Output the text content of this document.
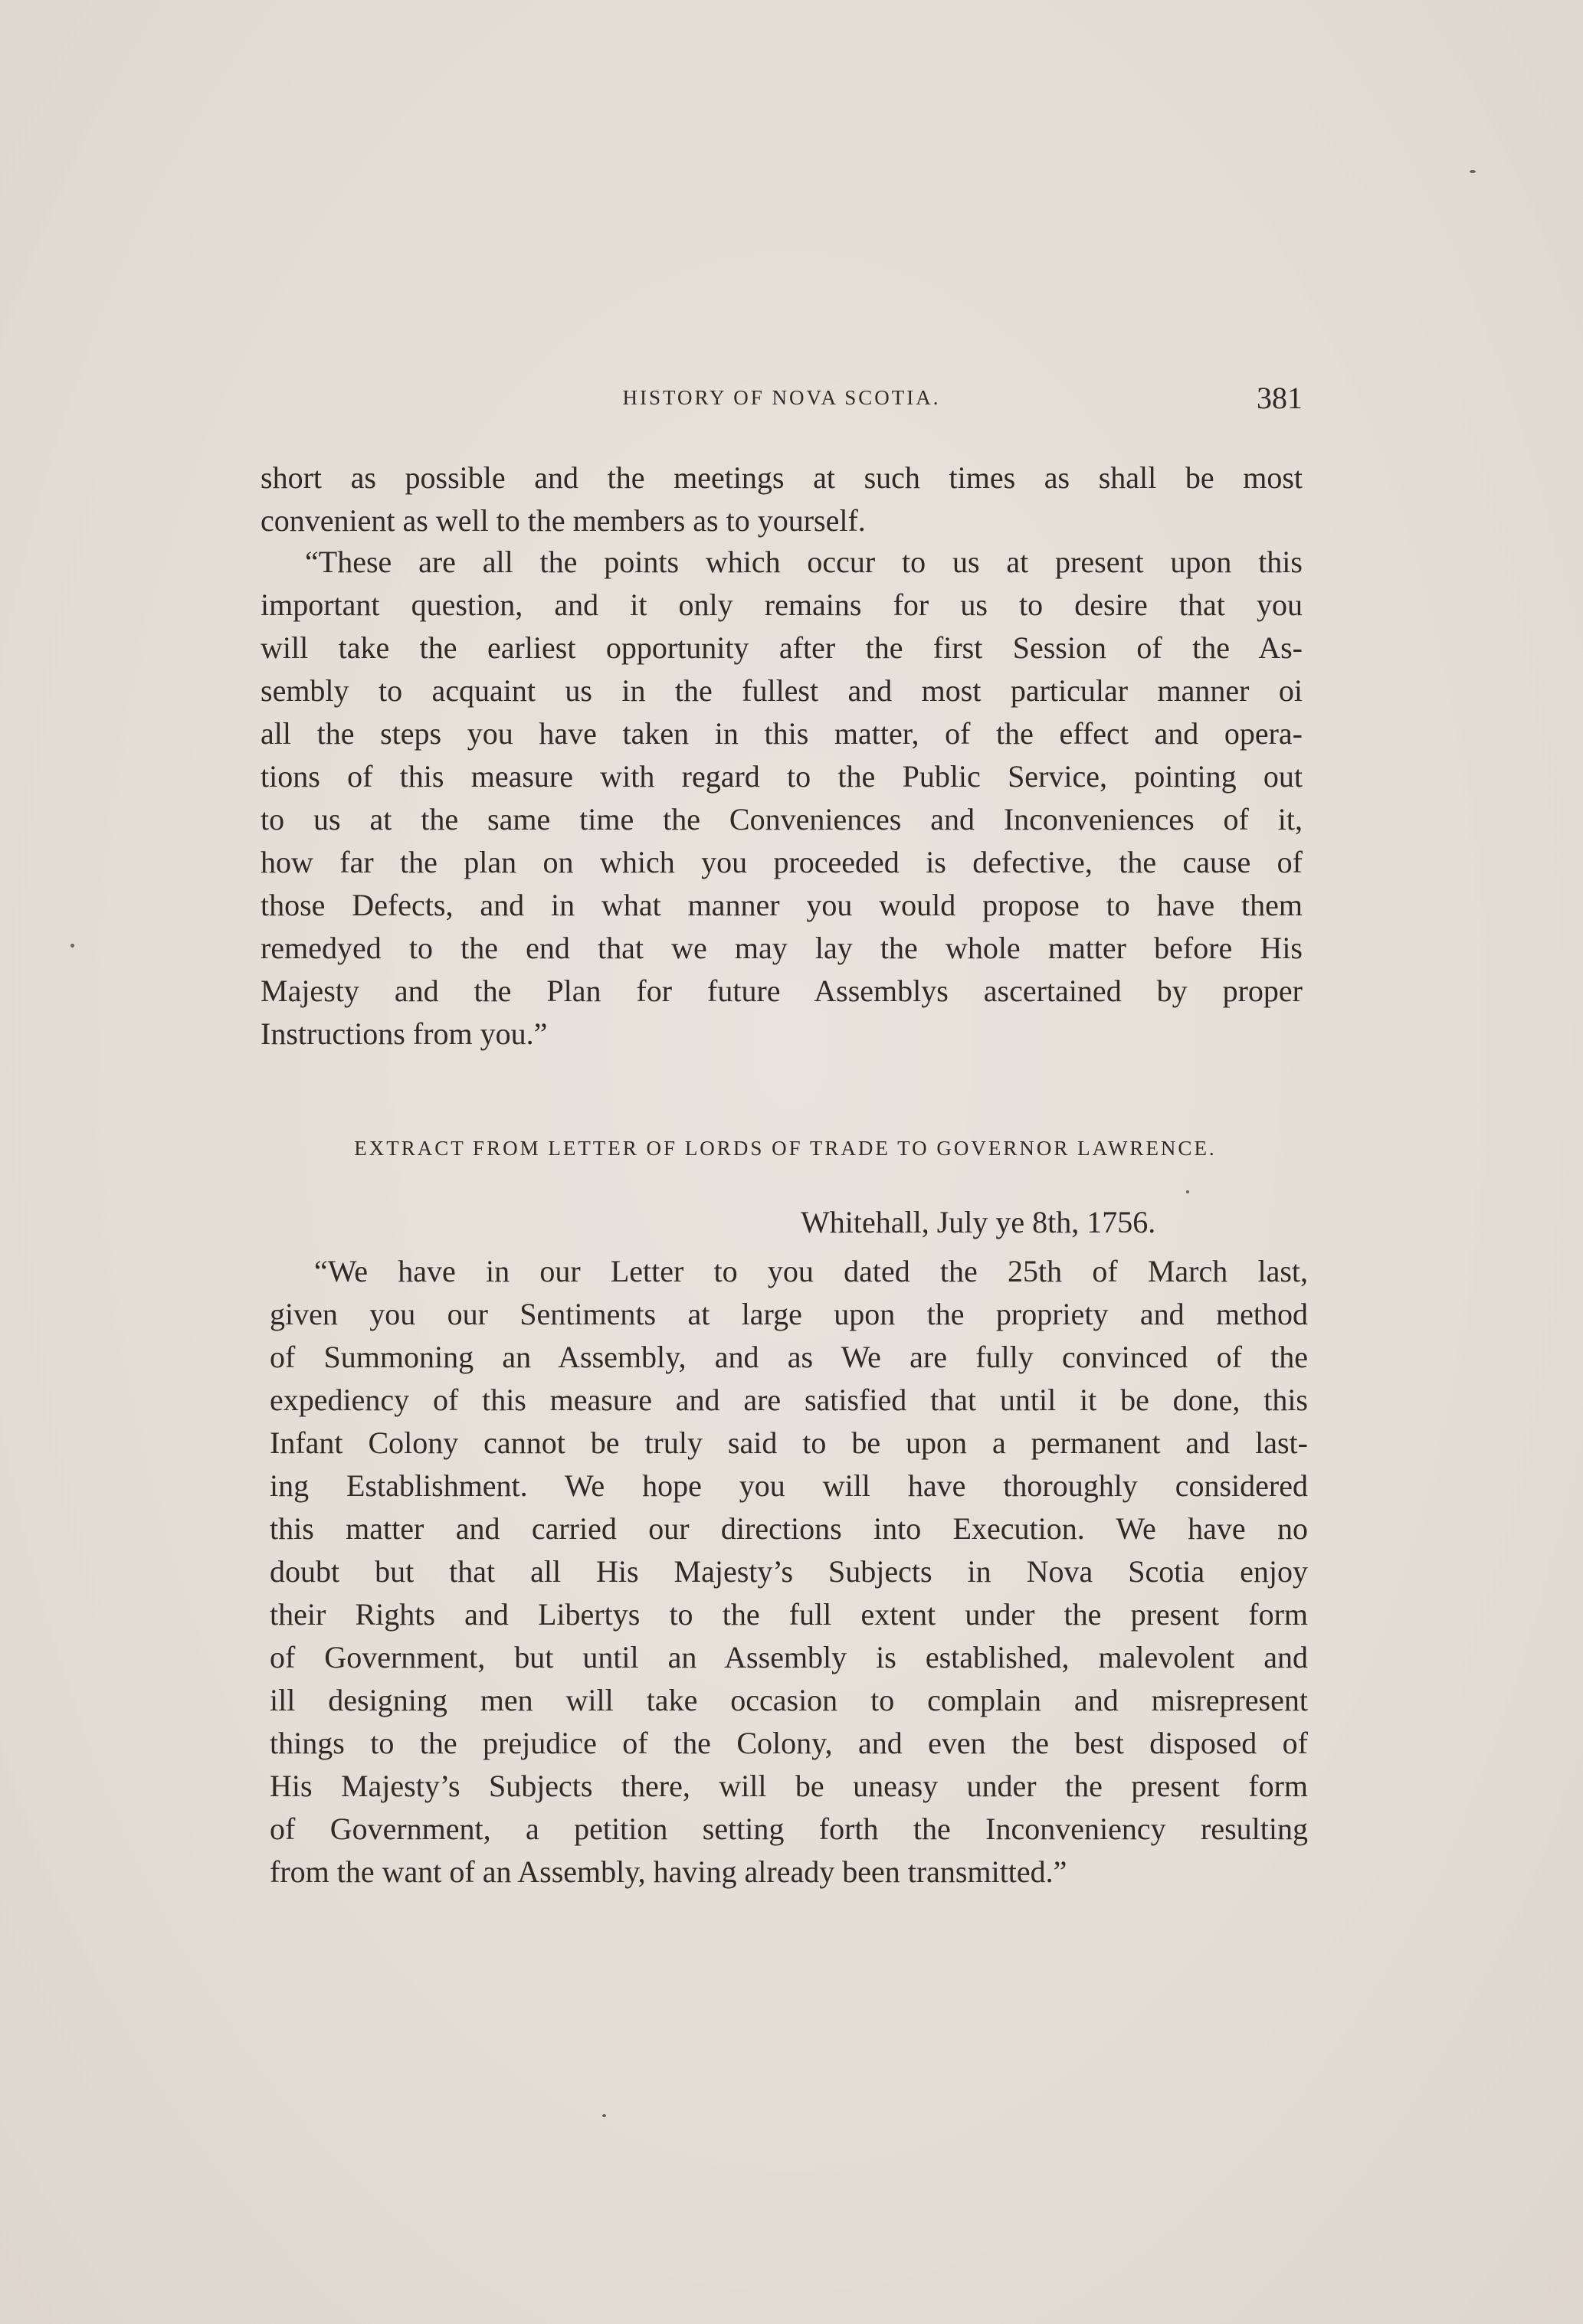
HISTORY OF NOVA SCOTIA.	381
short as possible and the meetings at such times as shall be most
convenient as well to the members as to yourself.
“These are all the points which occur to us at present upon this
important question, and it only remains for us to desire that you
will take the earliest opportunity after the first Session of the As-
sembly to acquaint us in the fullest and most particular manner oi
all the steps you have taken in this matter, of the effect and opera-
tions of this measure with regard to the Public Service, pointing out
to us at the same time the Conveniences and Inconveniences of it,
how far the plan on which you proceeded is defective, the cause of
those Defects, and in what manner you would propose to have them
remedyed to the end that we may lay the whole matter before His
Majesty and the Plan for future Assemblys ascertained by proper
Instructions from you.”
EXTRACT FROM LETTER OF LORDS OF TRADE TO GOVERNOR LAWRENCE.
Whitehall, July ye 8th, 1756.
“We have in our Letter to you dated the 25th of March last,
given you our Sentiments at large upon the propriety and method
of Summoning an Assembly, and as We are fully convinced of the
expediency of this measure and are satisfied that until it be done, this
Infant Colony cannot be truly said to be upon a permanent and last-
ing Establishment. We hope you will have thoroughly considered
this matter and carried our directions into Execution. We have no
doubt but that all His Majesty’s Subjects in Nova Scotia enjoy
their Rights and Libertys to the full extent under the present form
of Government, but until an Assembly is established, malevolent and
ill designing men will take occasion to complain and misrepresent
things to the prejudice of the Colony, and even the best disposed of
His Majesty’s Subjects there, will be uneasy under the present form
of Government, a petition setting forth the Inconveniency resulting
from the want of an Assembly, having already been transmitted.”
